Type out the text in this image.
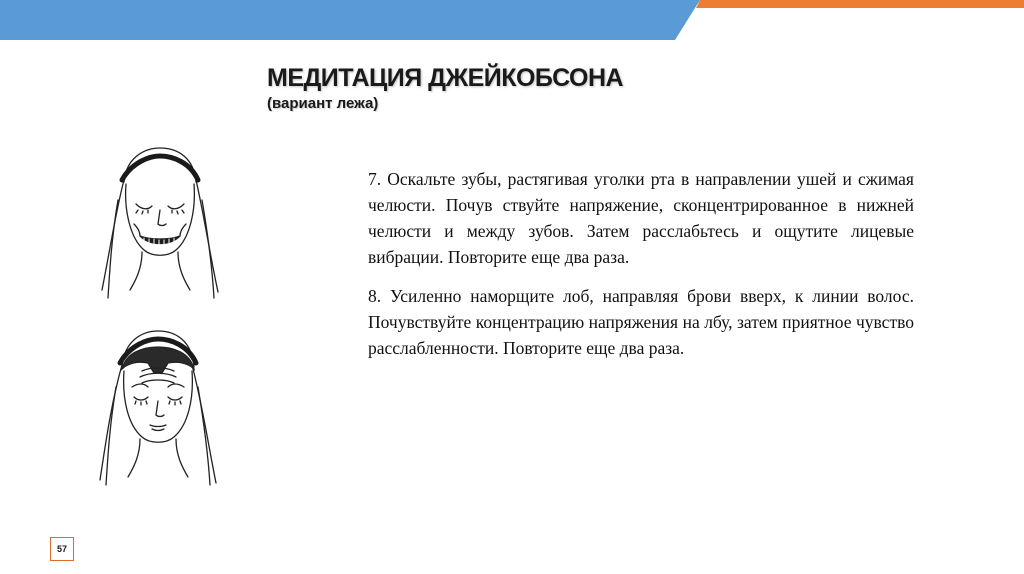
МЕДИТАЦИЯ ДЖЕЙКОБСОНА
(вариант лежа)

7. Оскальте зубы, растягивая уголки рта в направлении ушей и сжимая челюсти. Почув ствуйте напряжение, сконцентрированное в нижней челюсти и между зубов. Затем расслабьтесь и ощутите лицевые вибрации. Повторите еще два раза.

8. Усиленно наморщите лоб, направляя брови вверх, к линии волос. Почувствуйте концентрацию напряжения на лбу, затем приятное чувство расслабленности. Повторите еще два раза.

57
